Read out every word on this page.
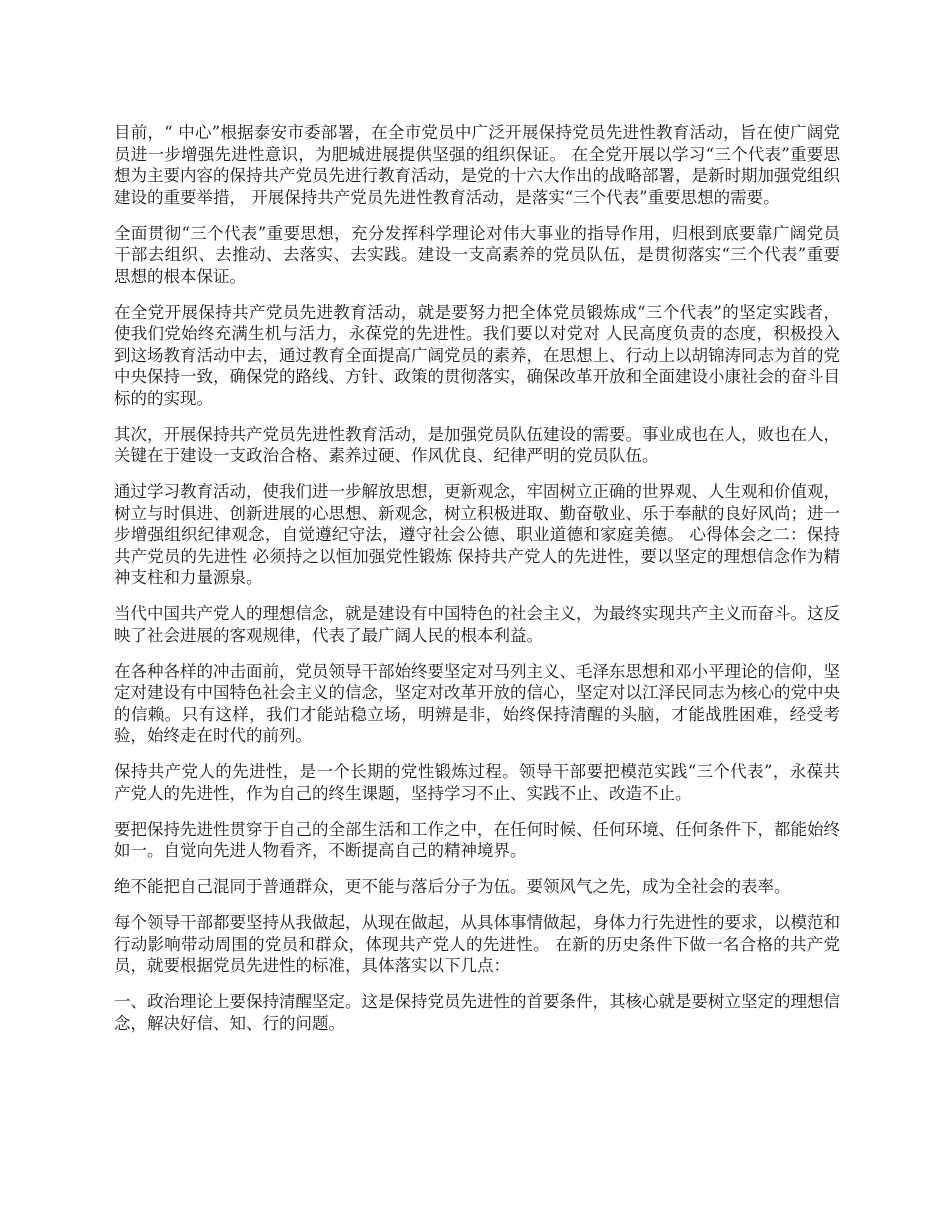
目前，“ 中心”根据泰安市委部署，在全市党员中广泛开展保持党员先进性教育活动，旨在使广阔党员进一步增强先进性意识，为肥城进展提供坚强的组织保证。 在全党开展以学习“三个代表”重要思想为主要内容的保持共产党员先进行教育活动，是党的十六大作出的战略部署，是新时期加强党组织建设的重要举措， 开展保持共产党员先进性教育活动，是落实“三个代表”重要思想的需要。

全面贯彻“三个代表”重要思想，充分发挥科学理论对伟大事业的指导作用，归根到底要靠广阔党员干部去组织、去推动、去落实、去实践。建设一支高素养的党员队伍，是贯彻落实“三个代表”重要思想的根本保证。

在全党开展保持共产党员先进教育活动，就是要努力把全体党员锻炼成“三个代表”的坚定实践者，使我们党始终充满生机与活力，永葆党的先进性。我们要以对党对 人民高度负责的态度，积极投入到这场教育活动中去，通过教育全面提高广阔党员的素养，在思想上、行动上以胡锦涛同志为首的党中央保持一致，确保党的路线、方针、政策的贯彻落实，确保改革开放和全面建设小康社会的奋斗目标的的实现。

其次，开展保持共产党员先进性教育活动，是加强党员队伍建设的需要。事业成也在人，败也在人，关键在于建设一支政治合格、素养过硬、作风优良、纪律严明的党员队伍。

通过学习教育活动，使我们进一步解放思想，更新观念，牢固树立正确的世界观、人生观和价值观，树立与时俱进、创新进展的心思想、新观念，树立积极进取、勤奋敬业、乐于奉献的良好风尚；进一步增强组织纪律观念，自觉遵纪守法，遵守社会公德、职业道德和家庭美德。 心得体会之二：保持共产党员的先进性 必须持之以恒加强党性锻炼 保持共产党人的先进性，要以坚定的理想信念作为精神支柱和力量源泉。

当代中国共产党人的理想信念，就是建设有中国特色的社会主义，为最终实现共产主义而奋斗。这反映了社会进展的客观规律，代表了最广阔人民的根本利益。

在各种各样的冲击面前，党员领导干部始终要坚定对马列主义、毛泽东思想和邓小平理论的信仰，坚定对建设有中国特色社会主义的信念，坚定对改革开放的信心，坚定对以江泽民同志为核心的党中央的信赖。只有这样，我们才能站稳立场，明辨是非，始终保持清醒的头脑，才能战胜困难，经受考验，始终走在时代的前列。

保持共产党人的先进性，是一个长期的党性锻炼过程。领导干部要把模范实践“三个代表”，永葆共产党人的先进性，作为自己的终生课题，坚持学习不止、实践不止、改造不止。

要把保持先进性贯穿于自己的全部生活和工作之中，在任何时候、任何环境、任何条件下，都能始终如一。自觉向先进人物看齐，不断提高自己的精神境界。

绝不能把自己混同于普通群众，更不能与落后分子为伍。要领风气之先，成为全社会的表率。

每个领导干部都要坚持从我做起，从现在做起，从具体事情做起，身体力行先进性的要求，以模范和行动影响带动周围的党员和群众，体现共产党人的先进性。 在新的历史条件下做一名合格的共产党员，就要根据党员先进性的标准，具体落实以下几点：

一、政治理论上要保持清醒坚定。这是保持党员先进性的首要条件，其核心就是要树立坚定的理想信念，解决好信、知、行的问题。
